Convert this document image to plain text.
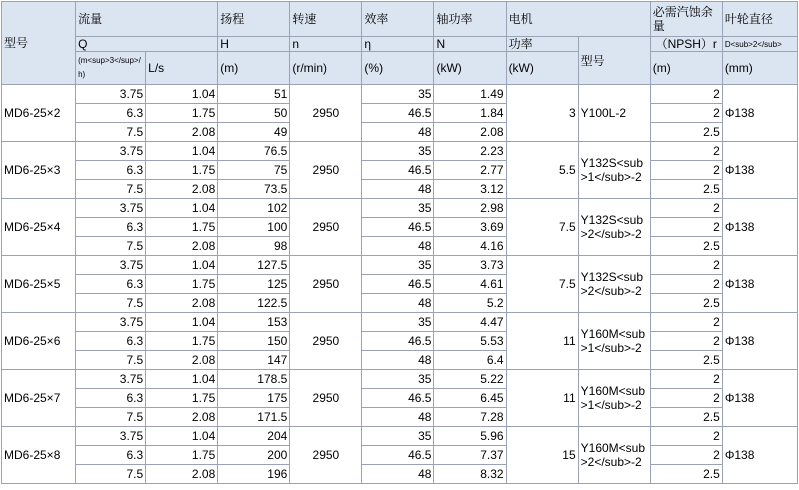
型号	流量		扬程	转速	效率	轴功率	电机		必需汽蚀余量	叶轮直径
	Q		H	n	η	N	功率	型号	（NPSH）r	D<sub>2</sub>
	(m<sup>3</sup>/h)	L/s	(m)	(r/min)	(%)	(kW)	(kW)		(m)	(mm)
MD6-25×2	3.75	1.04	51	2950	35	1.49	3	Y100L-2	2	Φ138
	6.3	1.75	50		46.5	1.84			2	
	7.5	2.08	49		48	2.08			2.5	
MD6-25×3	3.75	1.04	76.5	2950	35	2.23	5.5	Y132S<sub>1</sub>-2	2	Φ138
	6.3	1.75	75		46.5	2.77			2	
	7.5	2.08	73.5		48	3.12			2.5	
MD6-25×4	3.75	1.04	102	2950	35	2.98	7.5	Y132S<sub>2</sub>-2	2	Φ138
	6.3	1.75	100		46.5	3.69			2	
	7.5	2.08	98		48	4.16			2.5	
MD6-25×5	3.75	1.04	127.5	2950	35	3.73	7.5	Y132S<sub>2</sub>-2	2	Φ138
	6.3	1.75	125		46.5	4.61			2	
	7.5	2.08	122.5		48	5.2			2.5	
MD6-25×6	3.75	1.04	153	2950	35	4.47	11	Y160M<sub>1</sub>-2	2	Φ138
	6.3	1.75	150		46.5	5.53			2	
	7.5	2.08	147		48	6.4			2.5	
MD6-25×7	3.75	1.04	178.5	2950	35	5.22	11	Y160M<sub>1</sub>-2	2	Φ138
	6.3	1.75	175		46.5	6.45			2	
	7.5	2.08	171.5		48	7.28			2.5	
MD6-25×8	3.75	1.04	204	2950	35	5.96	15	Y160M<sub>2</sub>-2	2	Φ138
	6.3	1.75	200		46.5	7.37			2	
	7.5	2.08	196		48	8.32			2.5	
